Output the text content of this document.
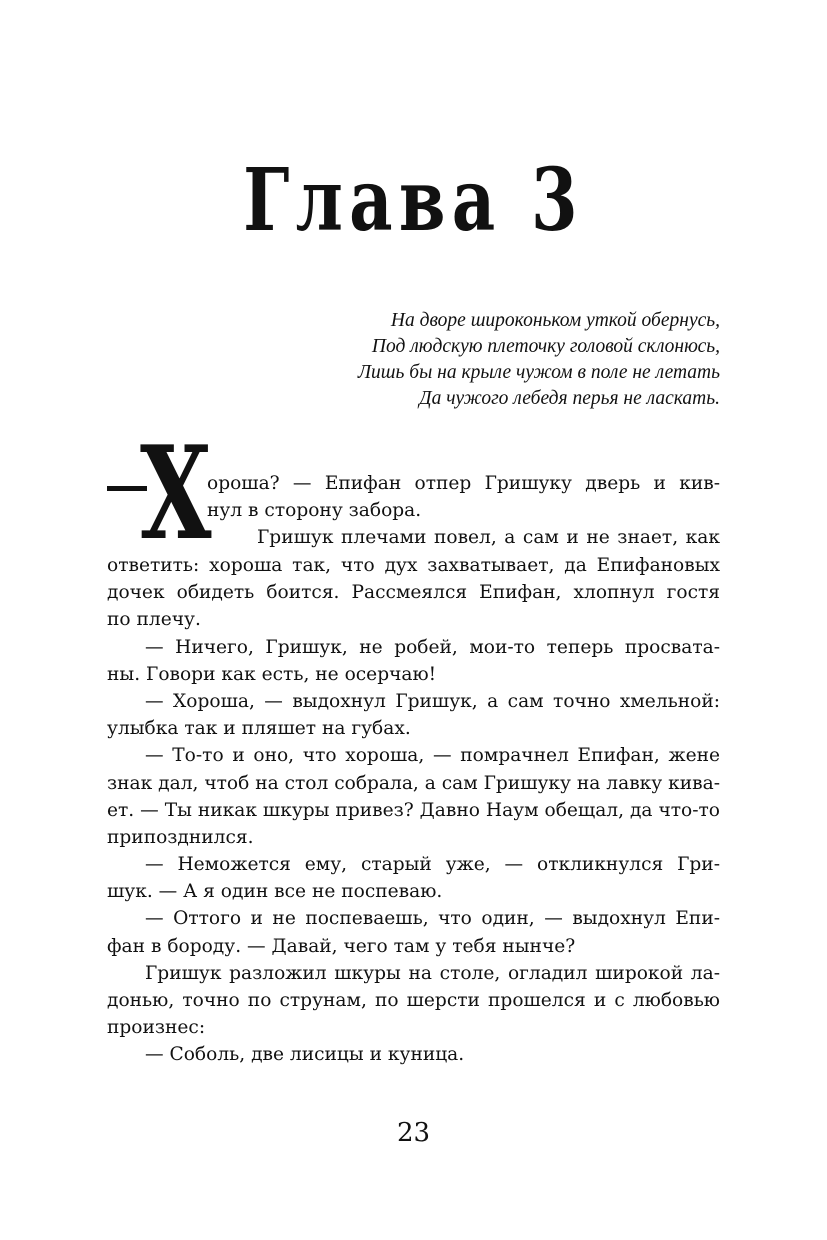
Глава 3
На дворе широконьком уткой обернусь,
Под людскую плеточку головой склонюсь,
Лишь бы на крыле чужом в поле не летать
Да чужого лебедя перья не ласкать.
Х
ороша? — Епифан отпер Гришуку дверь и кив-
нул в сторону забора.
Гришук плечами повел, а сам и не знает, как
ответить: хороша так, что дух захватывает, да Епифановых
дочек обидеть боится. Рассмеялся Епифан, хлопнул гостя
по плечу.
— Ничего, Гришук, не робей, мои-то теперь просвата-
ны. Говори как есть, не осерчаю!
— Хороша, — выдохнул Гришук, а сам точно хмельной:
улыбка так и пляшет на губах.
— То-то и оно, что хороша, — помрачнел Епифан, жене
знак дал, чтоб на стол собрала, а сам Гришуку на лавку кива-
ет. — Ты никак шкуры привез? Давно Наум обещал, да что-то
припозднился.
— Неможется ему, старый уже, — откликнулся Гри-
шук. — А я один все не поспеваю.
— Оттого и не поспеваешь, что один, — выдохнул Епи-
фан в бороду. — Давай, чего там у тебя нынче?
Гришук разложил шкуры на столе, огладил широкой ла-
донью, точно по струнам, по шерсти прошелся и с любовью
произнес:
— Соболь, две лисицы и куница.
23
